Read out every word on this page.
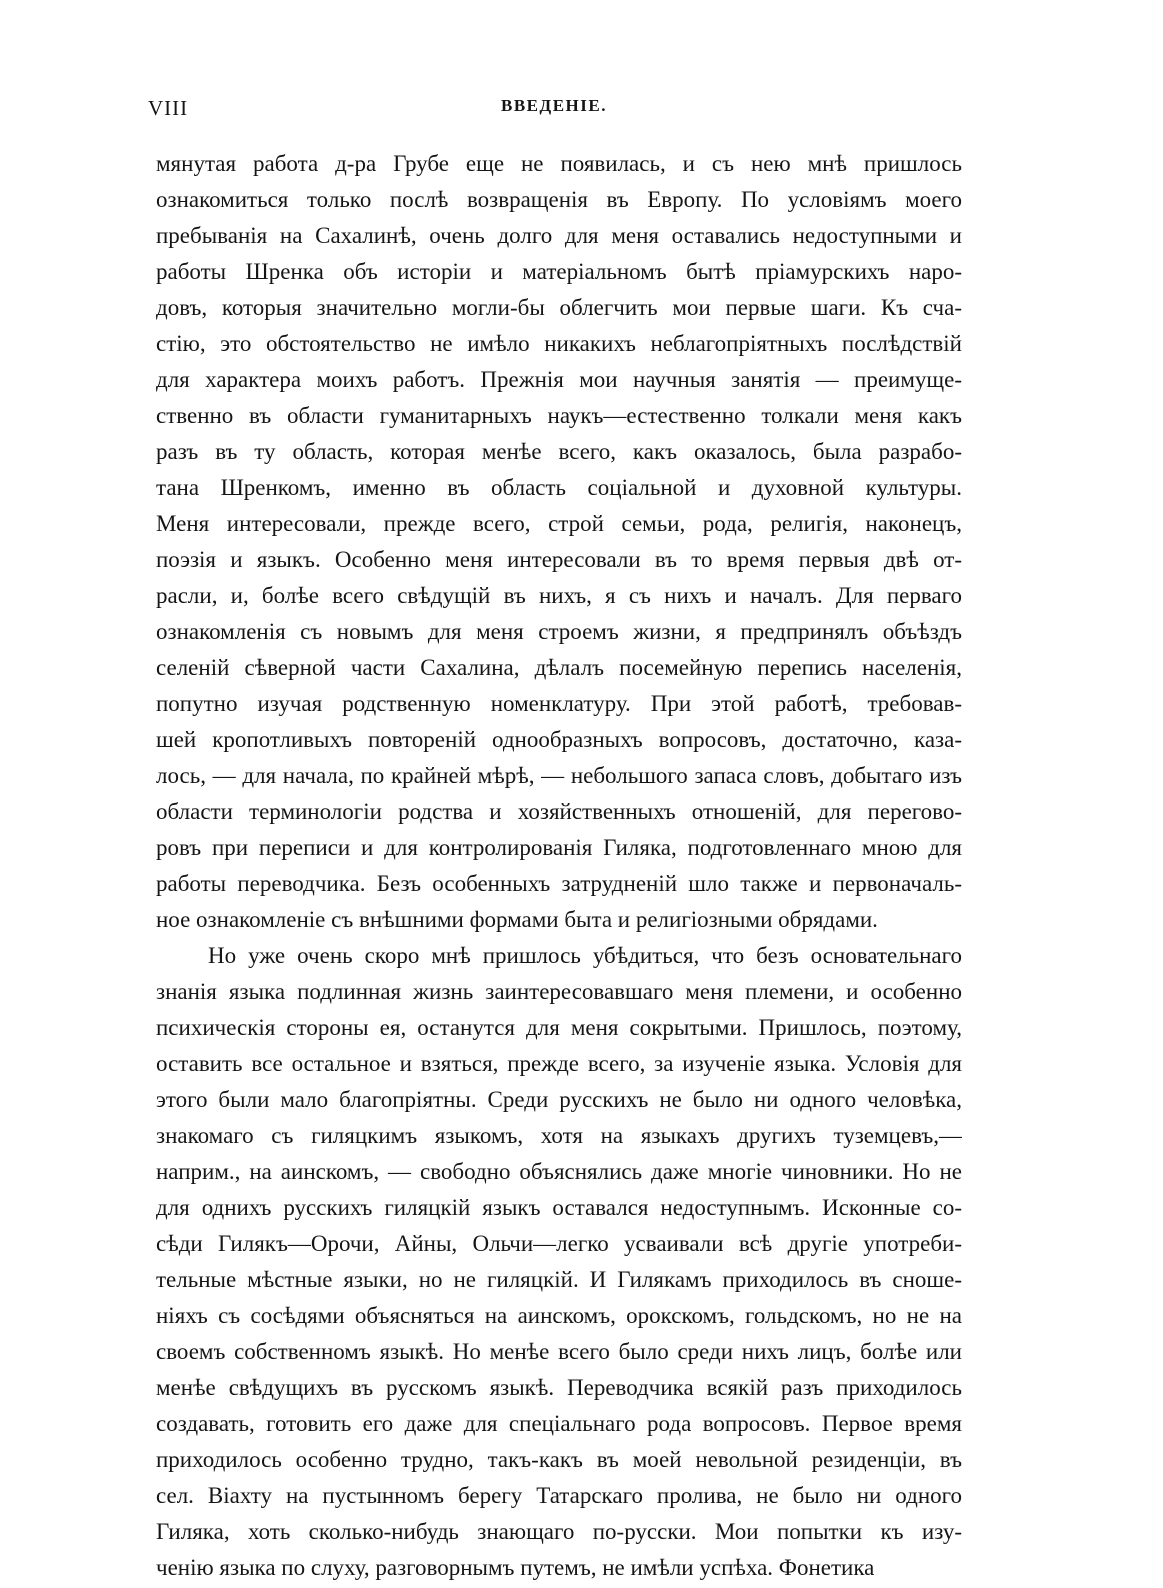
VIII	ВВЕДЕНІЕ.
мянутая работа д-ра Грубе еще не появилась, и съ нею мнѣ пришлось
ознакомиться только послѣ возвращенія въ Европу. По условіямъ моего
пребыванія на Сахалинѣ, очень долго для меня оставались недоступными и
работы Шренка объ исторіи и матеріальномъ бытѣ пріамурскихъ наро-
довъ, которыя значительно могли-бы облегчить мои первые шаги. Къ сча-
стію, это обстоятельство не имѣло никакихъ неблагопріятныхъ послѣдствій
для характера моихъ работъ. Прежнія мои научныя занятія — преимуще-
ственно въ области гуманитарныхъ наукъ—естественно толкали меня какъ
разъ въ ту область, которая менѣе всего, какъ оказалось, была разрабо-
тана Шренкомъ, именно въ область соціальной и духовной культуры.
Меня интересовали, прежде всего, строй семьи, рода, религія, наконецъ,
поэзія и языкъ. Особенно меня интересовали въ то время первыя двѣ от-
расли, и, болѣе всего свѣдущій въ нихъ, я съ нихъ и началъ. Для перваго
ознакомленія съ новымъ для меня строемъ жизни, я предпринялъ объѣздъ
селеній сѣверной части Сахалина, дѣлалъ посемейную перепись населенія,
попутно изучая родственную номенклатуру. При этой работѣ, требовав-
шей кропотливыхъ повтореній однообразныхъ вопросовъ, достаточно, каза-
лось, — для начала, по крайней мѣрѣ, — небольшого запаса словъ, добытаго изъ
области терминологіи родства и хозяйственныхъ отношеній, для перегово-
ровъ при переписи и для контролированія Гиляка, подготовленнаго мною для
работы переводчика. Безъ особенныхъ затрудненій шло также и первоначаль-
ное ознакомленіе съ внѣшними формами быта и религіозными обрядами.
Но уже очень скоро мнѣ пришлось убѣдиться, что безъ основательнаго
знанія языка подлинная жизнь заинтересовавшаго меня племени, и особенно
психическія стороны ея, останутся для меня сокрытыми. Пришлось, поэтому,
оставить все остальное и взяться, прежде всего, за изученіе языка. Условія для
этого были мало благопріятны. Среди русскихъ не было ни одного человѣка,
знакомаго съ гиляцкимъ языкомъ, хотя на языкахъ другихъ туземцевъ,—
наприм., на аинскомъ, — свободно объяснялись даже многіе чиновники. Но не
для однихъ русскихъ гиляцкій языкъ оставался недоступнымъ. Исконные со-
сѣди Гилякъ—Орочи, Айны, Ольчи—легко усваивали всѣ другіе употреби-
тельные мѣстные языки, но не гиляцкій. И Гилякамъ приходилось въ снoше-
ніяхъ съ сосѣдями объясняться на аинскомъ, орокскомъ, гольдскомъ, но не на
своемъ собственномъ языкѣ. Но менѣе всего было среди нихъ лицъ, болѣе или
менѣе свѣдущихъ въ русскомъ языкѣ. Переводчика всякій разъ приходилось
создавать, готовить его даже для спеціальнаго рода вопросовъ. Первое время
приходилось особенно трудно, такъ-какъ въ моей невольной резиденціи, въ
сел. Віахту на пустынномъ берегу Татарскаго пролива, не было ни одного
Гиляка, хоть сколько-нибудь знающаго по-русски. Мои попытки къ изу-
ченію языка по слуху, разговорнымъ путемъ, не имѣли успѣха. Фонетика
